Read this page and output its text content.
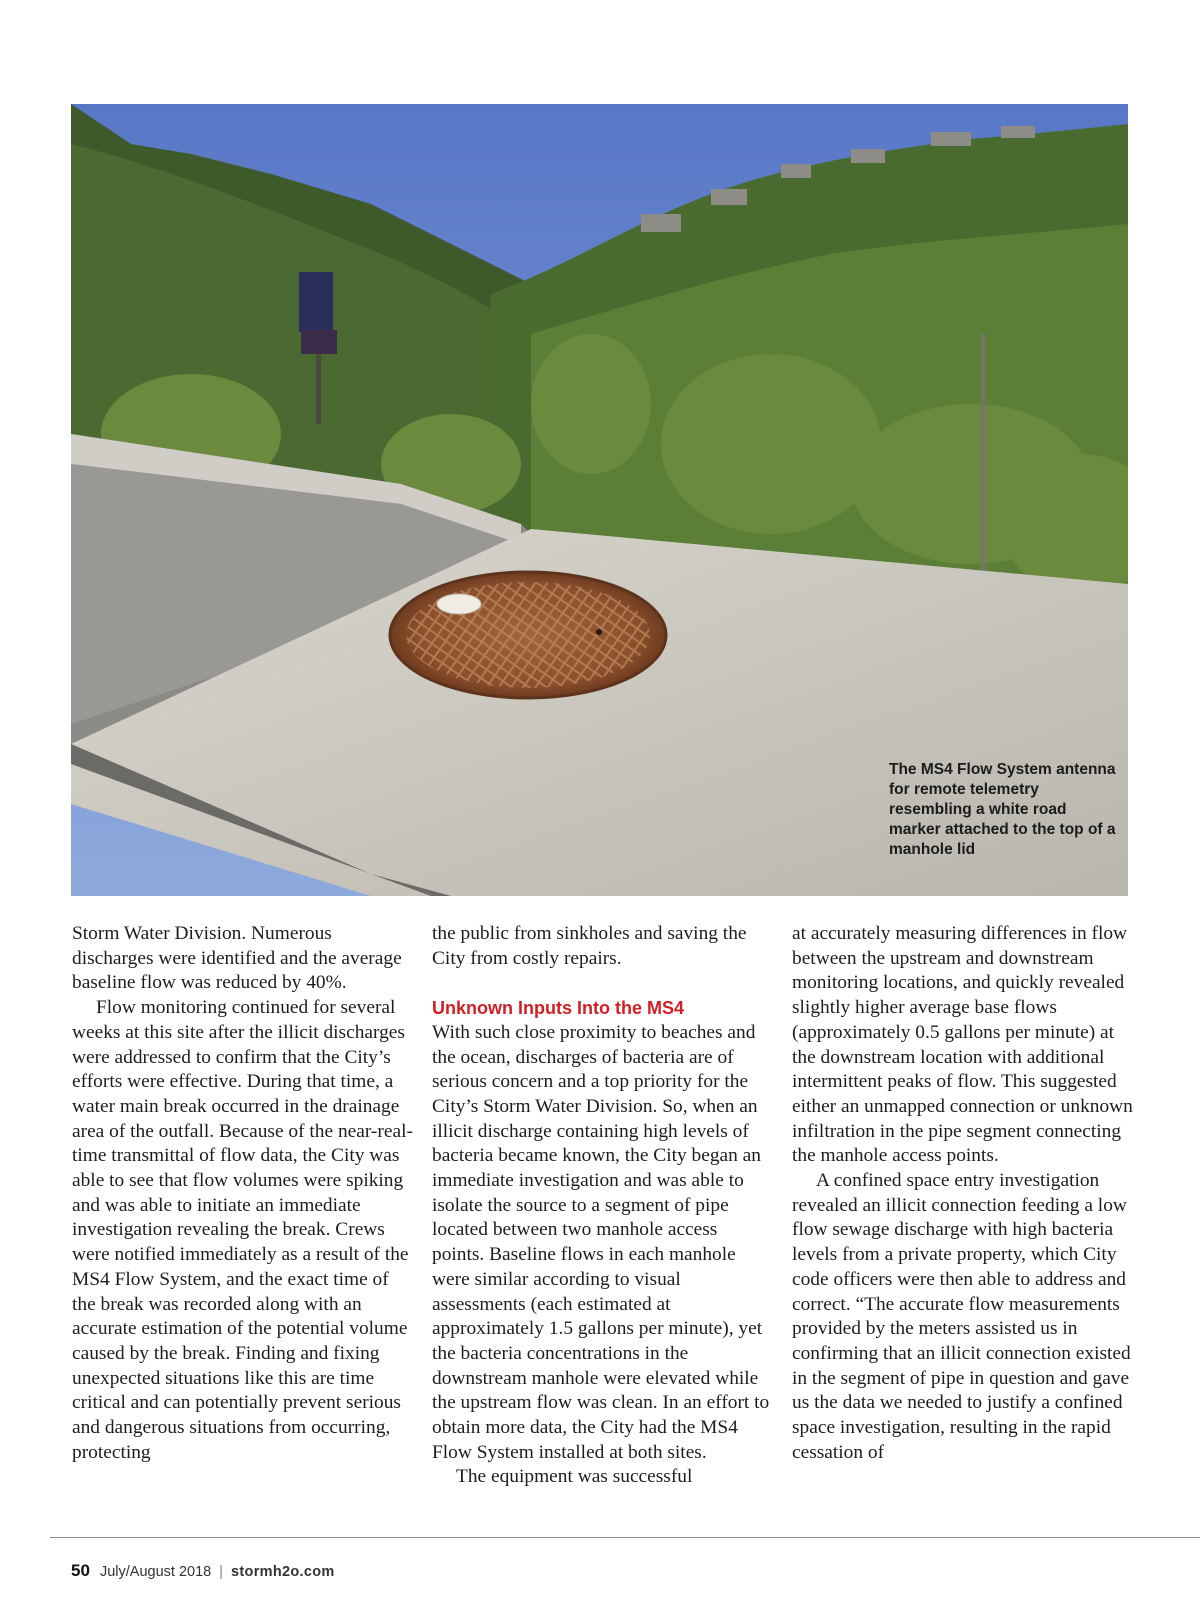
The MS4 Flow System antenna for remote telemetry resembling a white road marker attached to the top of a manhole lid

Storm Water Division. Numerous discharges were identified and the average baseline flow was reduced by 40%.

Flow monitoring continued for several weeks at this site after the illicit discharges were addressed to confirm that the City’s efforts were effective. During that time, a water main break occurred in the drainage area of the outfall. Because of the near-real-time transmittal of flow data, the City was able to see that flow volumes were spiking and was able to initiate an immediate investigation revealing the break. Crews were notified immediately as a result of the MS4 Flow System, and the exact time of the break was recorded along with an accurate estimation of the potential volume caused by the break. Finding and fixing unexpected situations like this are time critical and can potentially prevent serious and dangerous situations from occurring, protecting

the public from sinkholes and saving the City from costly repairs.

Unknown Inputs Into the MS4

With such close proximity to beaches and the ocean, discharges of bacteria are of serious concern and a top priority for the City’s Storm Water Division. So, when an illicit discharge containing high levels of bacteria became known, the City began an immediate investigation and was able to isolate the source to a segment of pipe located between two manhole access points. Baseline flows in each manhole were similar according to visual assessments (each estimated at approximately 1.5 gallons per minute), yet the bacteria concentrations in the downstream manhole were elevated while the upstream flow was clean. In an effort to obtain more data, the City had the MS4 Flow System installed at both sites.

The equipment was successful

at accurately measuring differences in flow between the upstream and downstream monitoring locations, and quickly revealed slightly higher average base flows (approximately 0.5 gallons per minute) at the downstream location with additional intermittent peaks of flow. This suggested either an unmapped connection or unknown infiltration in the pipe segment connecting the manhole access points.

A confined space entry investigation revealed an illicit connection feeding a low flow sewage discharge with high bacteria levels from a private property, which City code officers were then able to address and correct. “The accurate flow measurements provided by the meters assisted us in confirming that an illicit connection existed in the segment of pipe in question and gave us the data we needed to justify a confined space investigation, resulting in the rapid cessation of

50 July/August 2018 | stormh2o.com
